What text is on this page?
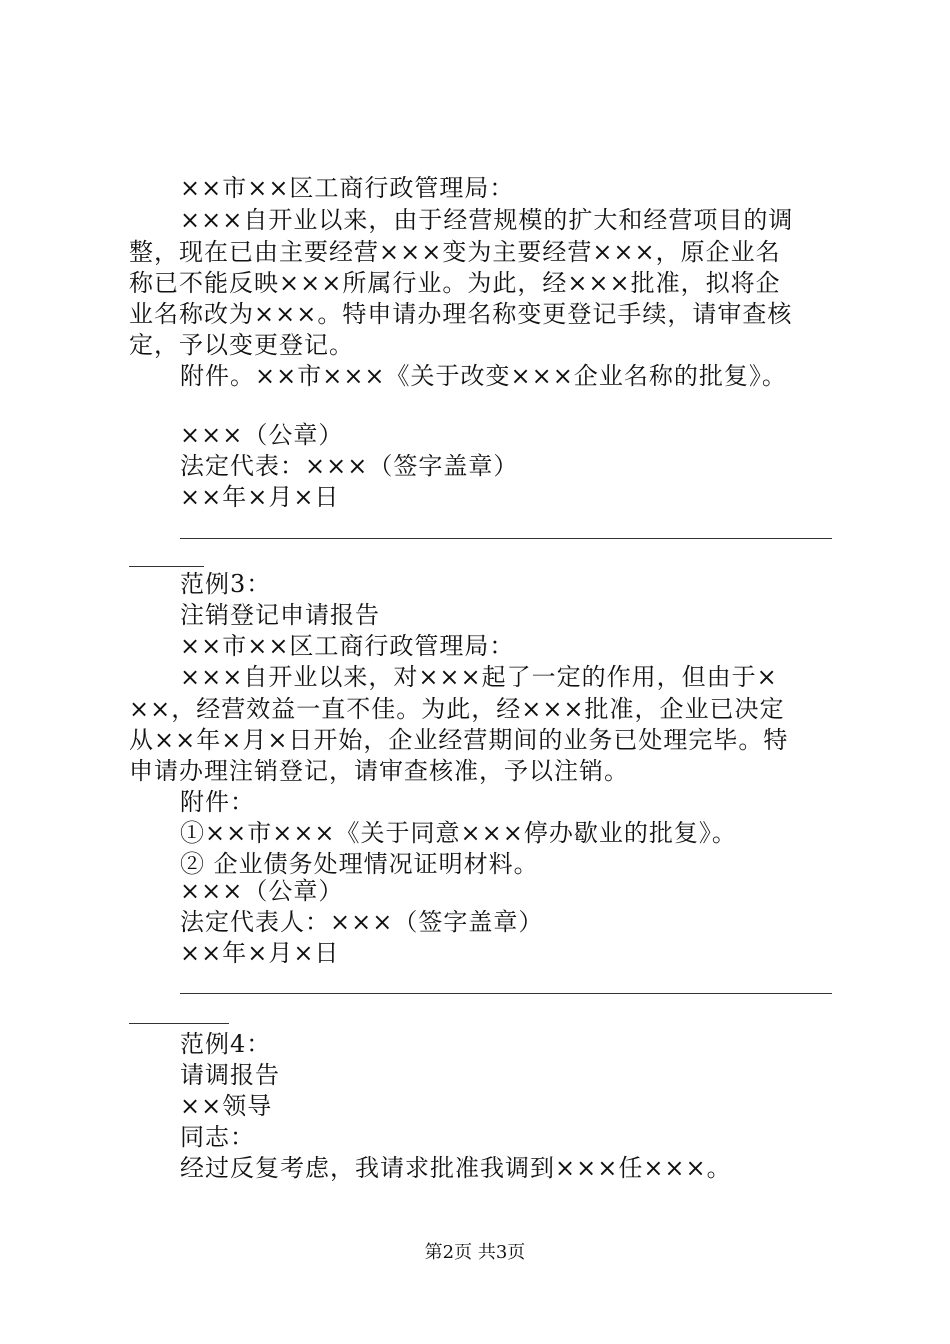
××市××区工商行政管理局：
×××自开业以来，由于经营规模的扩大和经营项目的调
整，现在已由主要经营×××变为主要经营×××，原企业名
称已不能反映×××所属行业。为此，经×××批准，拟将企
业名称改为×××。特申请办理名称变更登记手续，请审查核
定，予以变更登记。
附件。××市×××《关于改变×××企业名称的批复》。
×××（公章）
法定代表：×××（签字盖章）
××年×月×日
范例3：
注销登记申请报告
××市××区工商行政管理局：
×××自开业以来，对×××起了一定的作用，但由于×
××，经营效益一直不佳。为此，经×××批准，企业已决定
从××年×月×日开始，企业经营期间的业务已处理完毕。特
申请办理注销登记，请审查核准，予以注销。
附件：
①××市×××《关于同意×××停办歇业的批复》。
② 企业债务处理情况证明材料。
×××（公章）
法定代表人：×××（签字盖章）
××年×月×日
范例4：
请调报告
××领导
同志：
经过反复考虑，我请求批准我调到×××任×××。
第2页 共3页
